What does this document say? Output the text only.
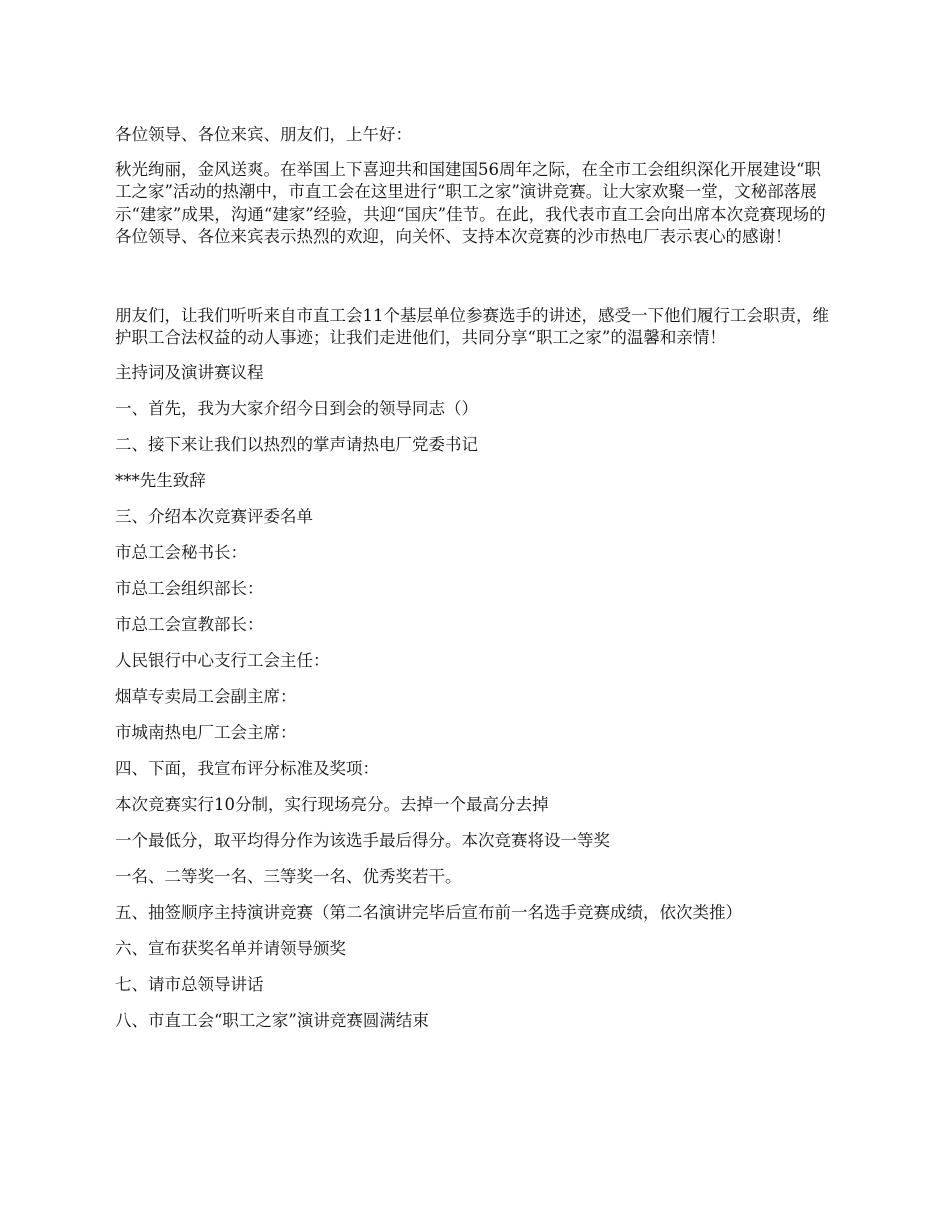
各位领导、各位来宾、朋友们，上午好：

秋光绚丽，金风送爽。在举国上下喜迎共和国建国56周年之际，在全市工会组织深化开展建设“职工之家”活动的热潮中，市直工会在这里进行“职工之家”演讲竞赛。让大家欢聚一堂，文秘部落展示“建家”成果，沟通“建家”经验，共迎“国庆”佳节。在此，我代表市直工会向出席本次竞赛现场的各位领导、各位来宾表示热烈的欢迎，向关怀、支持本次竞赛的沙市热电厂表示衷心的感谢！

朋友们，让我们听听来自市直工会11个基层单位参赛选手的讲述，感受一下他们履行工会职责，维护职工合法权益的动人事迹；让我们走进他们，共同分享“职工之家”的温馨和亲情！

主持词及演讲赛议程

一、首先，我为大家介绍今日到会的领导同志（）

二、接下来让我们以热烈的掌声请热电厂党委书记

***先生致辞

三、介绍本次竞赛评委名单

市总工会秘书长：

市总工会组织部长：

市总工会宣教部长：

人民银行中心支行工会主任：

烟草专卖局工会副主席：

市城南热电厂工会主席：

四、下面，我宣布评分标准及奖项：

本次竞赛实行10分制，实行现场亮分。去掉一个最高分去掉

一个最低分，取平均得分作为该选手最后得分。本次竞赛将设一等奖

一名、二等奖一名、三等奖一名、优秀奖若干。

五、抽签顺序主持演讲竞赛（第二名演讲完毕后宣布前一名选手竞赛成绩，依次类推）

六、宣布获奖名单并请领导颁奖

七、请市总领导讲话

八、市直工会“职工之家”演讲竞赛圆满结束
